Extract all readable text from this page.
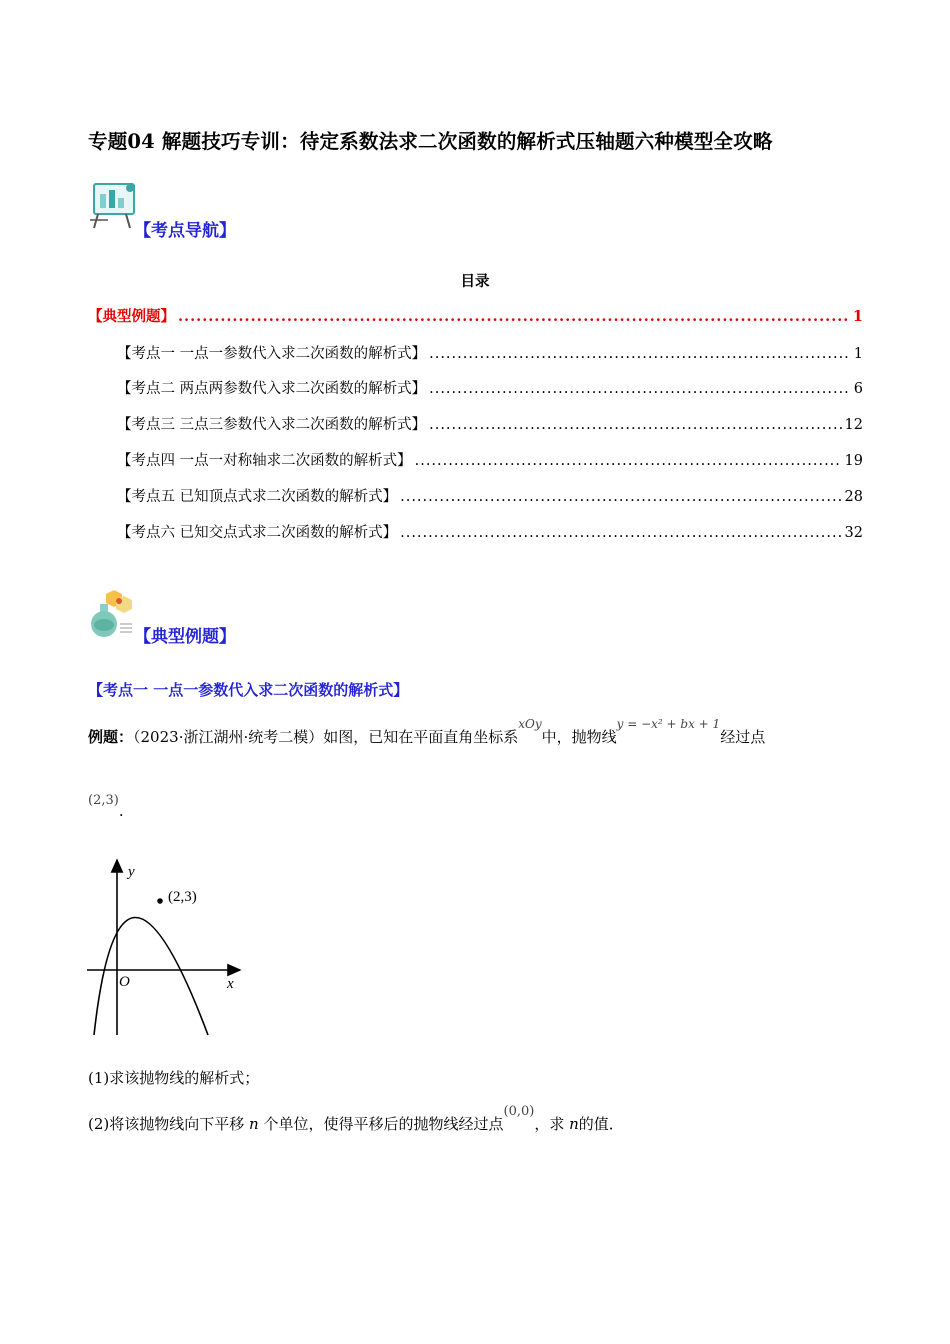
专题04 解题技巧专训：待定系数法求二次函数的解析式压轴题六种模型全攻略
【考点导航】
目录
【典型例题】 .....	1
【考点一 一点一参数代入求二次函数的解析式】 .....	1
【考点二 两点两参数代入求二次函数的解析式】 .....	6
【考点三 三点三参数代入求二次函数的解析式】 .....	12
【考点四 一点一对称轴求二次函数的解析式】 .....	19
【考点五 已知顶点式求二次函数的解析式】 .....	28
【考点六 已知交点式求二次函数的解析式】 .....	32
【典型例题】
【考点一 一点一参数代入求二次函数的解析式】
例题：（2023·浙江湖州·统考二模）如图，已知在平面直角坐标系$^{xOy}$中，抛物线$^{y = -x^2 + bx + 1}$经过点
(2,3).
(2,3)
y
x
O
(1)求该抛物线的解析式；
(2)将该抛物线向下平移 n 个单位，使得平移后的抛物线经过点(0,0)，求 n的值．
